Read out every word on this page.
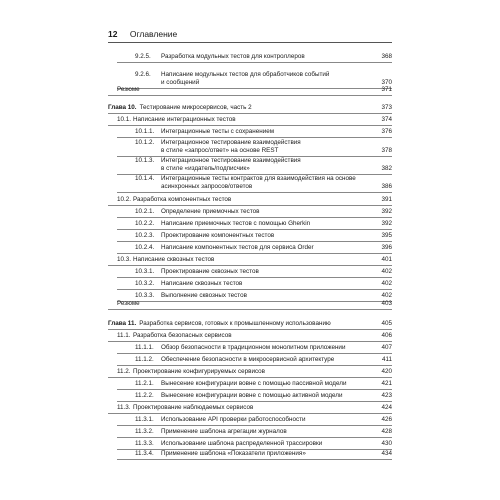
12 Оглавление
9.2.5. Разработка модульных тестов для контроллеров	368
9.2.6. Написание модульных тестов для обработчиков событий
и сообщений	370
Резюме	371
Глава 10. Тестирование микросервисов, часть 2	373
10.1. Написание интеграционных тестов	374
10.1.1. Интеграционные тесты с сохранением	376
10.1.2. Интеграционное тестирование взаимодействия
в стиле «запрос/ответ» на основе REST	378
10.1.3. Интеграционное тестирование взаимодействия
в стиле «издатель/подписчик»	382
10.1.4. Интеграционные тесты контрактов для взаимодействия на основе
асинхронных запросов/ответов	386
10.2. Разработка компонентных тестов	391
10.2.1. Определение приемочных тестов	392
10.2.2. Написание приемочных тестов с помощью Gherkin	392
10.2.3. Проектирование компонентных тестов	395
10.2.4. Написание компонентных тестов для сервиса Order	396
10.3. Написание сквозных тестов	401
10.3.1. Проектирование сквозных тестов	402
10.3.2. Написание сквозных тестов	402
10.3.3. Выполнение сквозных тестов	402
Резюме	403
Глава 11. Разработка сервисов, готовых к промышленному использованию	405
11.1. Разработка безопасных сервисов	406
11.1.1. Обзор безопасности в традиционном монолитном приложении	407
11.1.2. Обеспечение безопасности в микросервисной архитектуре	411
11.2. Проектирование конфигурируемых сервисов	420
11.2.1. Вынесение конфигурации вовне с помощью пассивной модели	421
11.2.2. Вынесение конфигурации вовне с помощью активной модели	423
11.3. Проектирование наблюдаемых сервисов	424
11.3.1. Использование API проверки работоспособности	426
11.3.2. Применение шаблона агрегации журналов	428
11.3.3. Использование шаблона распределенной трассировки	430
11.3.4. Применение шаблона «Показатели приложения»	434
